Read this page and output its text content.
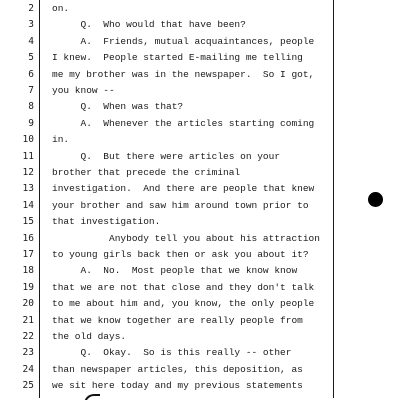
2 on.
3 Q.  Who would that have been?
4 A.  Friends, mutual acquaintances, people
5 I knew.  People started E-mailing me telling
6 me my brother was in the newspaper.  So I got,
7 you know --
8 Q.  When was that?
9 A.  Whenever the articles starting coming
10 in.
11 Q.  But there were articles on your
12 brother that precede the criminal
13 investigation.  And there are people that knew
14 your brother and saw him around town prior to
15 that investigation.
16 Anybody tell you about his attraction
17 to young girls back then or ask you about it?
18 A.  No.  Most people that we know know
19 that we are not that close and they don't talk
20 to me about him and, you know, the only people
21 that we know together are really people from
22 the old days.
23 Q.  Okay.  So is this really -- other
24 than newspaper articles, this deposition, as
25 we sit here today and my previous statements
